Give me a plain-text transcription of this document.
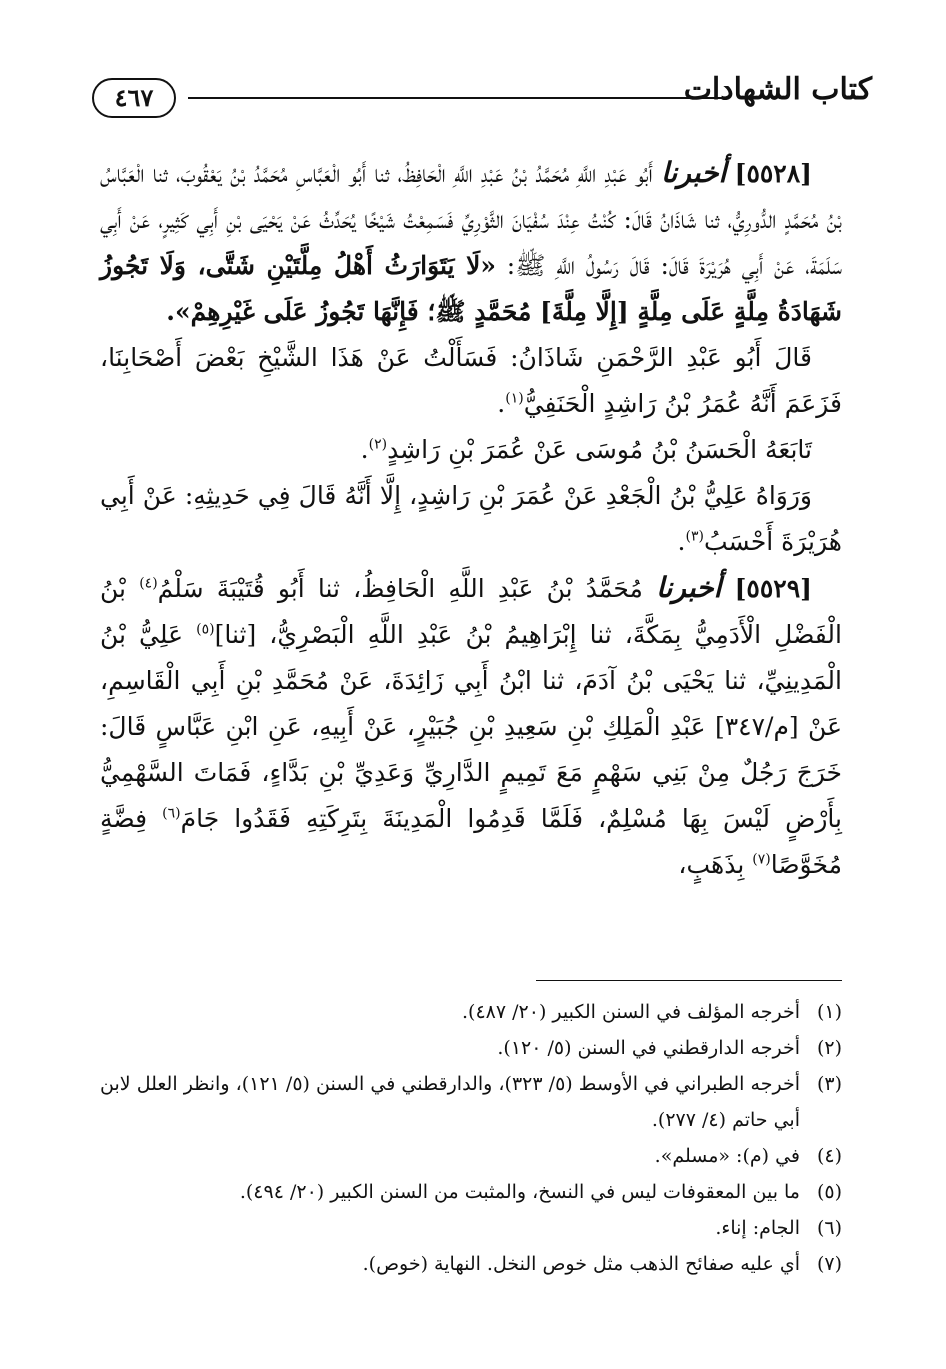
٤٦٧	كتاب الشهادات

[٥٥٢٨] أخبرنا أَبُو عَبْدِ اللَّهِ مُحَمَّدُ بْنُ عَبْدِ اللَّهِ الْحَافِظُ، ثنا أَبُو الْعَبَّاسِ مُحَمَّدُ بْنُ يَعْقُوبَ، ثنا الْعَبَّاسُ بْنُ مُحَمَّدٍ الدُّورِيُّ، ثنا شَاذَانُ قَالَ: كُنْتُ عِنْدَ سُفْيَانَ الثَّوْرِيِّ فَسَمِعْتُ شَيْخًا يُحَدِّثُ عَنْ يَحْيَى بْنِ أَبِي كَثِيرٍ، عَنْ أَبِي سَلَمَةَ، عَنْ أَبِي هُرَيْرَةَ قَالَ: قَالَ رَسُولُ اللَّهِ ﷺ: «لَا يَتَوَارَثُ أَهْلُ مِلَّتَيْنِ شَتَّى، وَلَا تَجُوزُ شَهَادَةُ مِلَّةٍ عَلَى مِلَّةٍ [إِلَّا مِلَّةَ] مُحَمَّدٍ ﷺ؛ فَإِنَّهَا تَجُوزُ عَلَى غَيْرِهِمْ».

قَالَ أَبُو عَبْدِ الرَّحْمَنِ شَاذَانُ: فَسَأَلْتُ عَنْ هَذَا الشَّيْخِ بَعْضَ أَصْحَابِنَا، فَزَعَمَ أَنَّهُ عُمَرُ بْنُ رَاشِدٍ الْحَنَفِيُّ$^{(١)}$.

تَابَعَهُ الْحَسَنُ بْنُ مُوسَى عَنْ عُمَرَ بْنِ رَاشِدٍ$^{(٢)}$.

وَرَوَاهُ عَلِيُّ بْنُ الْجَعْدِ عَنْ عُمَرَ بْنِ رَاشِدٍ، إِلَّا أَنَّهُ قَالَ فِي حَدِيثِهِ: عَنْ أَبِي هُرَيْرَةَ أَحْسَبُ$^{(٣)}$.

[٥٥٢٩] أخبرنا مُحَمَّدُ بْنُ عَبْدِ اللَّهِ الْحَافِظُ، ثنا أَبُو قُتَيْبَةَ سَلْمُ$^{(٤)}$ بْنُ الْفَضْلِ الْأَدَمِيُّ بِمَكَّةَ، ثنا إِبْرَاهِيمُ بْنُ عَبْدِ اللَّهِ الْبَصْرِيُّ، [ثنا]$^{(٥)}$ عَلِيُّ بْنُ الْمَدِينِيِّ، ثنا يَحْيَى بْنُ آدَمَ، ثنا ابْنُ أَبِي زَائِدَةَ، عَنْ مُحَمَّدِ بْنِ أَبِي الْقَاسِمِ، عَنْ [م/٣٤٧] عَبْدِ الْمَلِكِ بْنِ سَعِيدِ بْنِ جُبَيْرٍ، عَنْ أَبِيهِ، عَنِ ابْنِ عَبَّاسٍ قَالَ: خَرَجَ رَجُلٌ مِنْ بَنِي سَهْمٍ مَعَ تَمِيمٍ الدَّارِيِّ وَعَدِيِّ بْنِ بَدَّاءٍ، فَمَاتَ السَّهْمِيُّ بِأَرْضٍ لَيْسَ بِهَا مُسْلِمٌ، فَلَمَّا قَدِمُوا الْمَدِينَةَ بِتَرِكَتِهِ فَقَدُوا جَامَ$^{(٦)}$ فِضَّةٍ مُخَوَّصًا$^{(٧)}$ بِذَهَبٍ،

(١)
أخرجه المؤلف في السنن الكبير (٢٠/ ٤٨٧).
(٢)
أخرجه الدارقطني في السنن (٥/ ١٢٠).
(٣)
أخرجه الطبراني في الأوسط (٥/ ٣٢٣)، والدارقطني في السنن (٥/ ١٢١)، وانظر العلل لابن أبي حاتم (٤/ ٢٧٧).
(٤)
في (م): «مسلم».
(٥)
ما بين المعقوفات ليس في النسخ، والمثبت من السنن الكبير (٢٠/ ٤٩٤).
(٦)
الجام: إناء.
(٧)
أي عليه صفائح الذهب مثل خوص النخل. النهاية (خوص).
